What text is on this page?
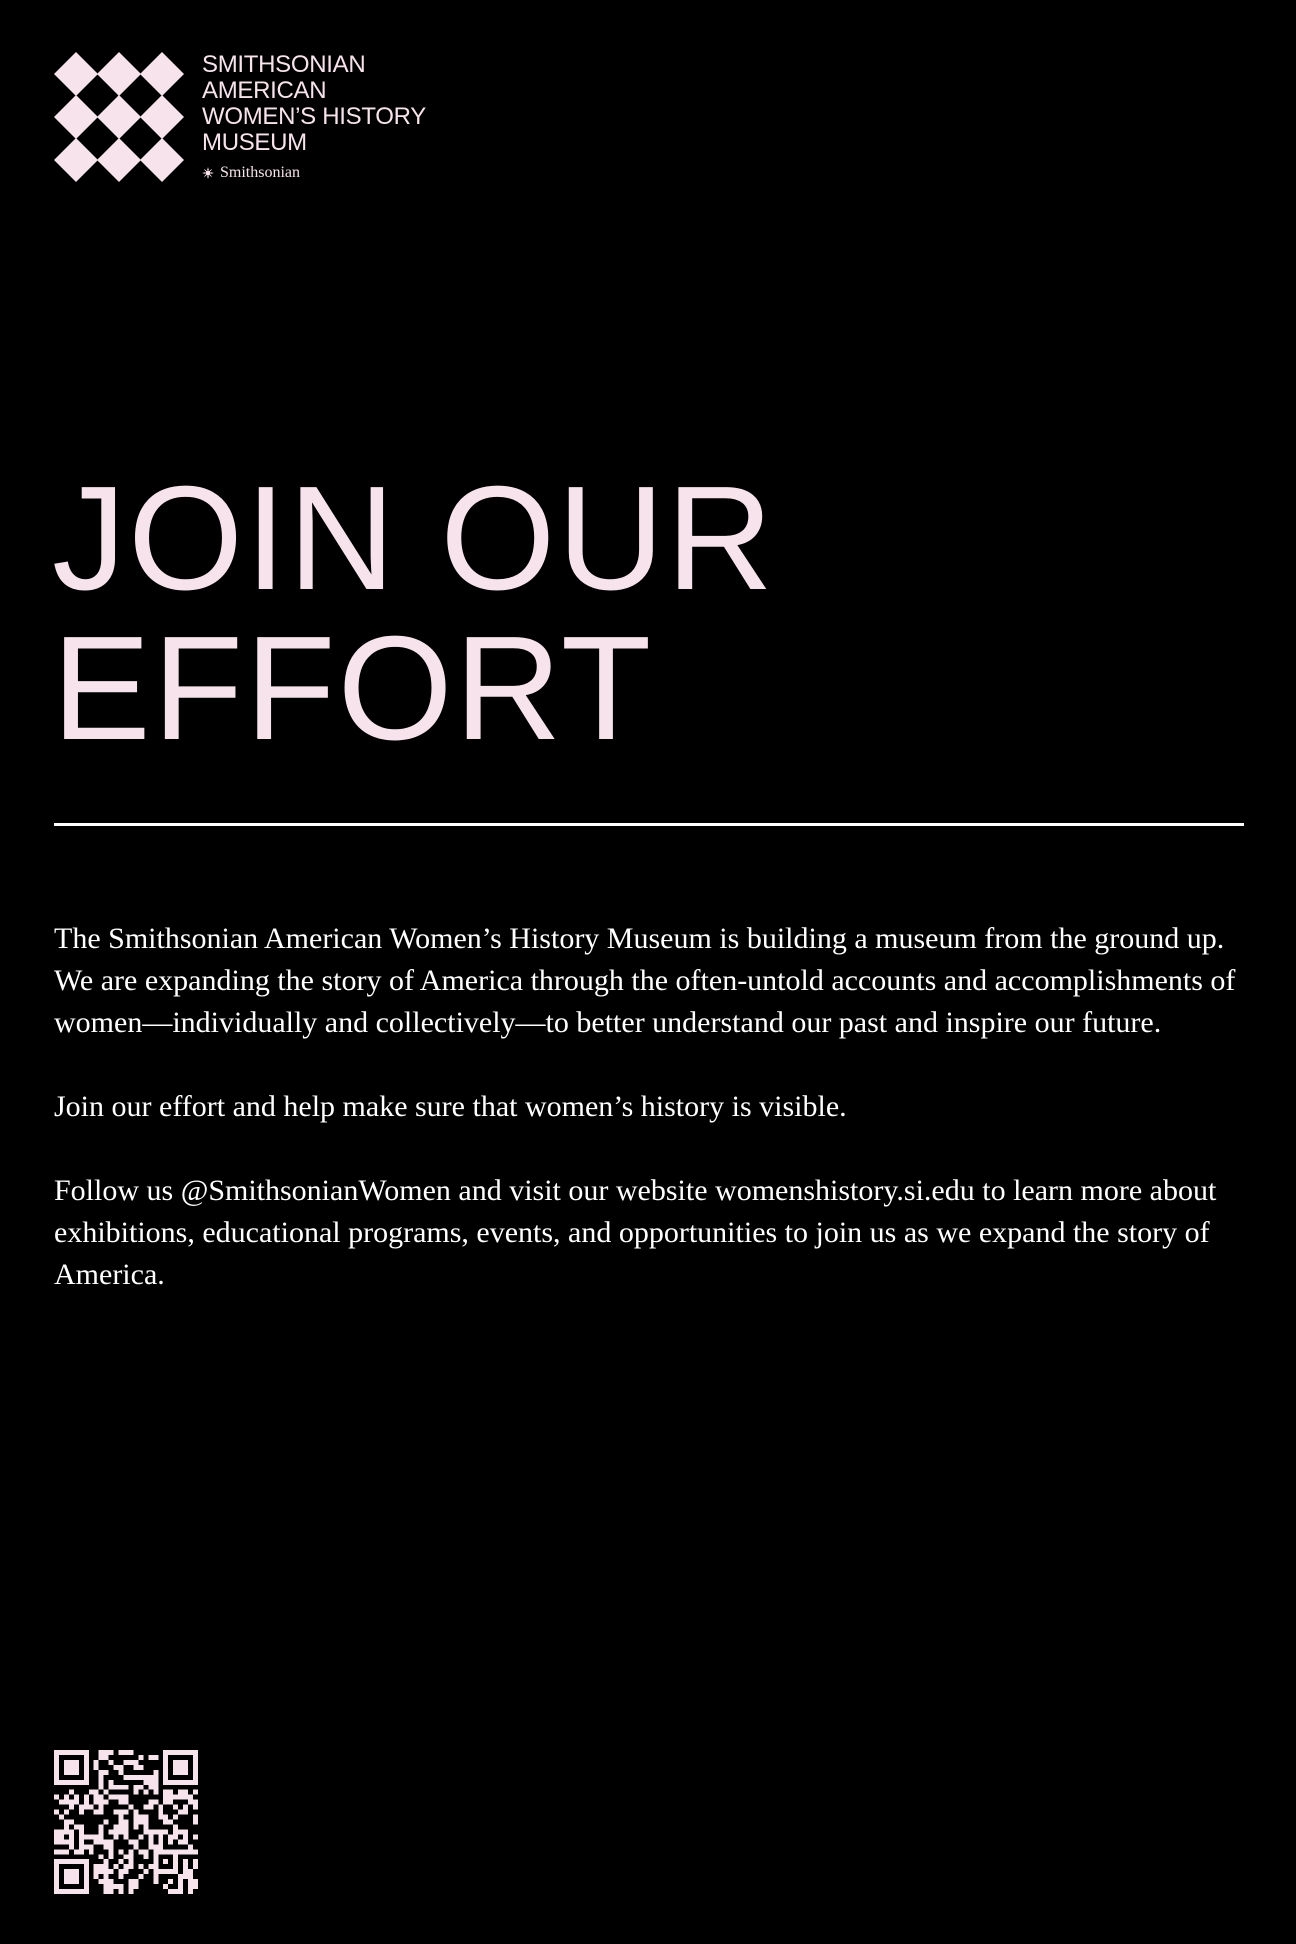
SMITHSONIAN
AMERICAN
WOMEN’S HISTORY
MUSEUM
Smithsonian
JOIN OUR
EFFORT

The Smithsonian American Women’s History Museum is building a museum from the ground up. We are expanding the story of America through the often-untold accounts and accomplishments of women—individually and collectively—to better understand our past and inspire our future.

Join our effort and help make sure that women’s history is visible.

Follow us @SmithsonianWomen and visit our website womenshistory.si.edu to learn more about exhibitions, educational programs, events, and opportunities to join us as we expand the story of America.
